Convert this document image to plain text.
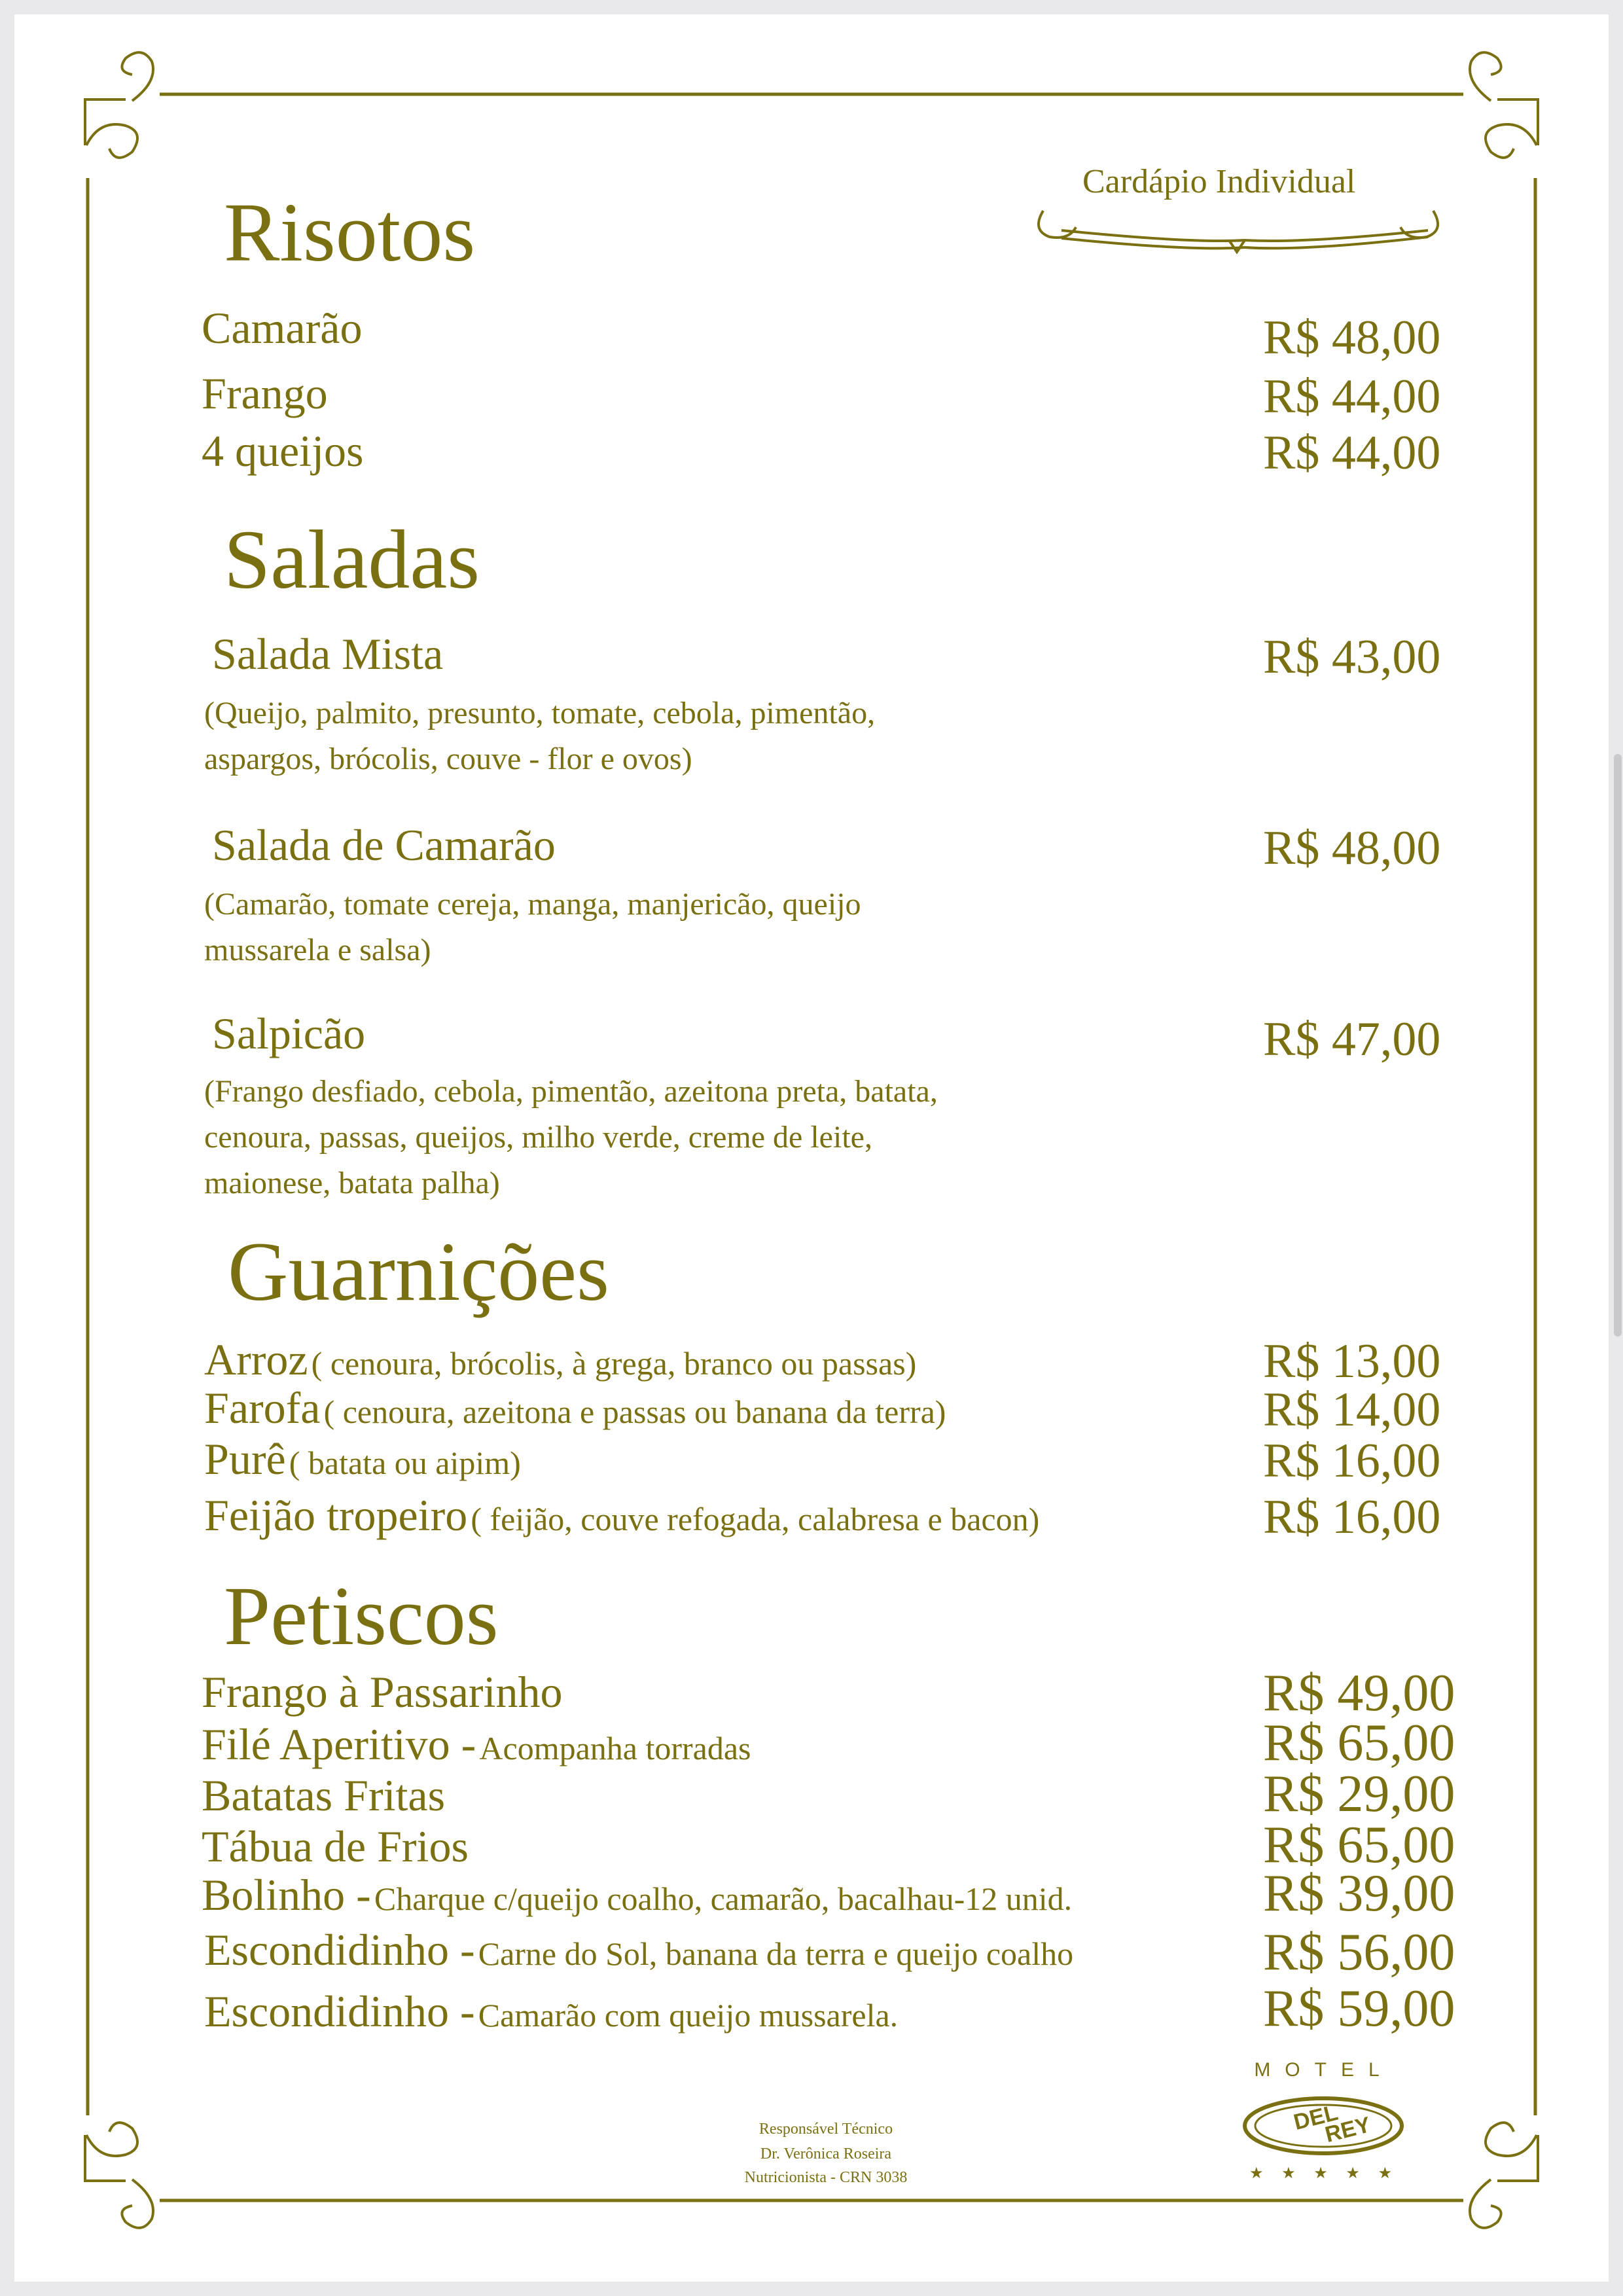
Cardápio Individual
Risotos
Camarão	R$ 48,00
Frango	R$ 44,00
4 queijos	R$ 44,00
Saladas
Salada Mista	R$ 43,00
(Queijo, palmito, presunto, tomate, cebola, pimentão,
aspargos, brócolis, couve - flor e ovos)
Salada de Camarão	R$ 48,00
(Camarão, tomate cereja, manga, manjericão, queijo
mussarela e salsa)
Salpicão	R$ 47,00
(Frango desfiado, cebola, pimentão, azeitona preta, batata,
cenoura, passas, queijos, milho verde, creme de leite,
maionese, batata palha)
Guarnições
Arroz ( cenoura, brócolis, à grega, branco ou passas)	R$ 13,00
Farofa ( cenoura, azeitona e passas ou banana da terra)	R$ 14,00
Purê ( batata ou aipim)	R$ 16,00
Feijão tropeiro ( feijão, couve refogada, calabresa e bacon)	R$ 16,00
Petiscos
Frango à Passarinho	R$ 49,00
Filé Aperitivo - Acompanha torradas	R$ 65,00
Batatas Fritas	R$ 29,00
Tábua de Frios	R$ 65,00
Bolinho - Charque c/queijo coalho, camarão, bacalhau-12 unid.	R$ 39,00
Escondidinho - Carne do Sol, banana da terra e queijo coalho	R$ 56,00
Escondidinho - Camarão com queijo mussarela.	R$ 59,00
Responsável Técnico
Dr. Verônica Roseira
Nutricionista - CRN 3038
MOTEL
DEL
REY
★ ★ ★ ★ ★
